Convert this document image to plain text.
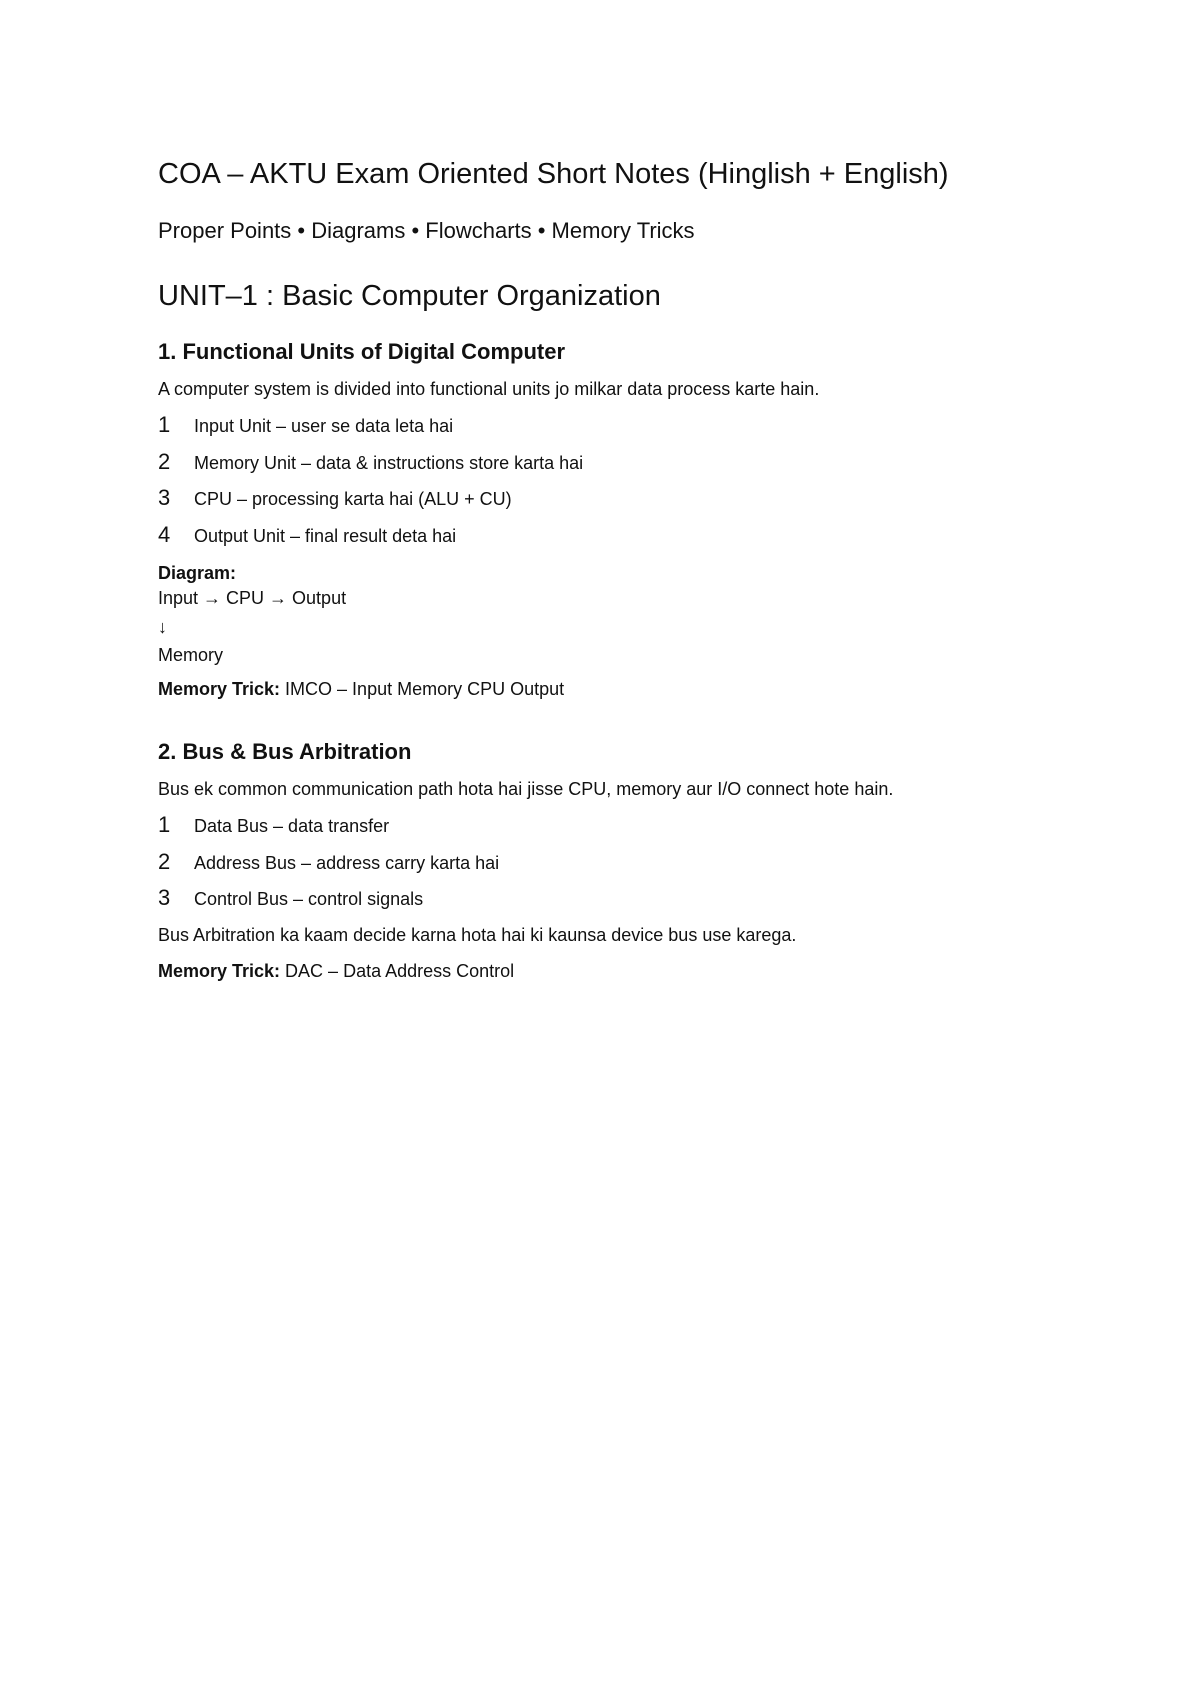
COA – AKTU Exam Oriented Short Notes (Hinglish + English)

Proper Points • Diagrams • Flowcharts • Memory Tricks

UNIT–1 : Basic Computer Organization
1. Functional Units of Digital Computer

A computer system is divided into functional units jo milkar data process karte hain.

1	Input Unit – user se data leta hai
2	Memory Unit – data & instructions store karta hai
3	CPU – processing karta hai (ALU + CU)
4	Output Unit – final result deta hai

Diagram:

Input → CPU → Output

↓

Memory

Memory Trick: IMCO – Input Memory CPU Output

2. Bus & Bus Arbitration

Bus ek common communication path hota hai jisse CPU, memory aur I/O connect hote hain.

1	Data Bus – data transfer
2	Address Bus – address carry karta hai
3	Control Bus – control signals

Bus Arbitration ka kaam decide karna hota hai ki kaunsa device bus use karega.

Memory Trick: DAC – Data Address Control
